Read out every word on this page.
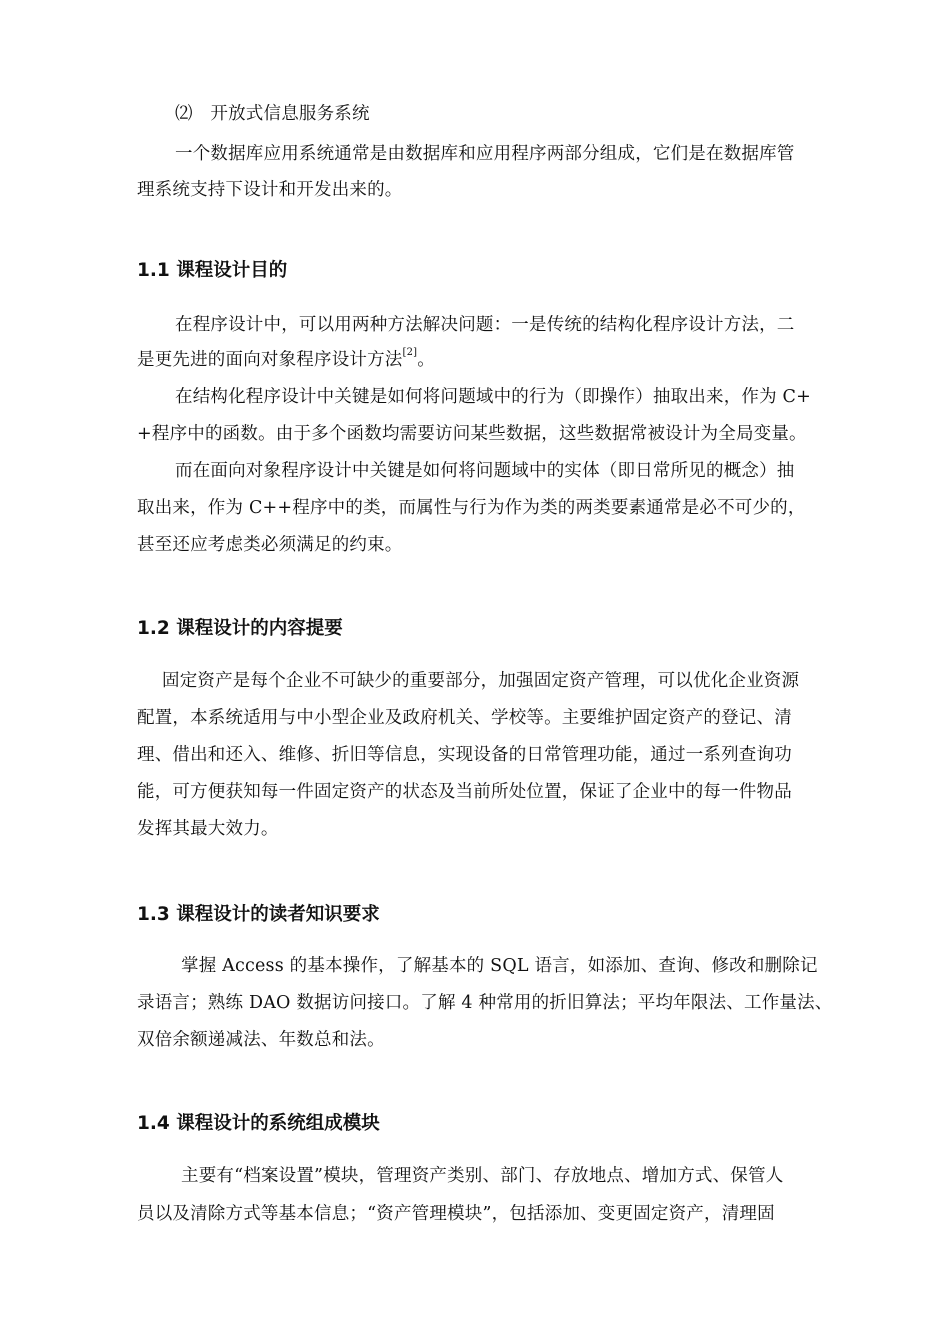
⑵　开放式信息服务系统
一个数据库应用系统通常是由数据库和应用程序两部分组成，它们是在数据库管
理系统支持下设计和开发出来的。
1.1 课程设计目的
在程序设计中，可以用两种方法解决问题：一是传统的结构化程序设计方法，二
是更先进的面向对象程序设计方法[2]。
在结构化程序设计中关键是如何将问题域中的行为（即操作）抽取出来，作为 C+
+程序中的函数。由于多个函数均需要访问某些数据，这些数据常被设计为全局变量。
而在面向对象程序设计中关键是如何将问题域中的实体（即日常所见的概念）抽
取出来，作为 C++程序中的类，而属性与行为作为类的两类要素通常是必不可少的，
甚至还应考虑类必须满足的约束。
1.2 课程设计的内容提要
固定资产是每个企业不可缺少的重要部分，加强固定资产管理，可以优化企业资源
配置，本系统适用与中小型企业及政府机关、学校等。主要维护固定资产的登记、清
理、借出和还入、维修、折旧等信息，实现设备的日常管理功能，通过一系列查询功
能，可方便获知每一件固定资产的状态及当前所处位置，保证了企业中的每一件物品
发挥其最大效力。
1.3 课程设计的读者知识要求
掌握 Access 的基本操作，了解基本的 SQL 语言，如添加、查询、修改和删除记
录语言；熟练 DAO 数据访问接口。了解 4 种常用的折旧算法；平均年限法、工作量法、
双倍余额递减法、年数总和法。
1.4 课程设计的系统组成模块
主要有“档案设置”模块，管理资产类别、部门、存放地点、增加方式、保管人
员以及清除方式等基本信息；“资产管理模块”，包括添加、变更固定资产，清理固
